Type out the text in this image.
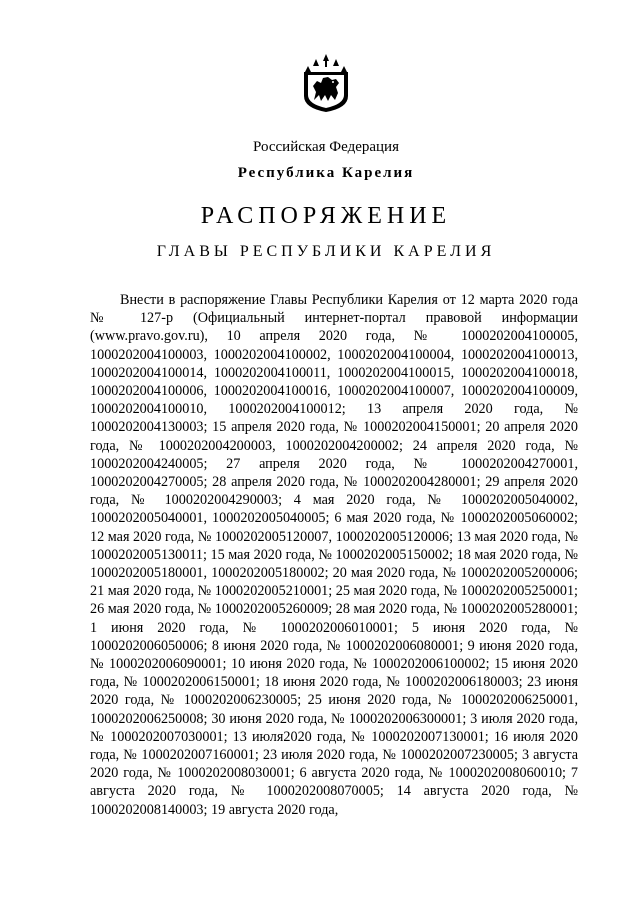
Российская Федерация
Республика Карелия
РАСПОРЯЖЕНИЕ
ГЛАВЫ РЕСПУБЛИКИ КАРЕЛИЯ

Внести в распоряжение Главы Республики Карелия от 12 марта 2020 года № 127-р (Официальный интернет-портал правовой информации (www.pravo.gov.ru), 10 апреля 2020 года, № 1000202004100005, 1000202004100003, 1000202004100002, 1000202004100004, 1000202004100013, 1000202004100014, 1000202004100011, 1000202004100015, 1000202004100018, 1000202004100006, 1000202004100016, 1000202004100007, 1000202004100009, 1000202004100010, 1000202004100012; 13 апреля 2020 года, № 1000202004130003; 15 апреля 2020 года, № 1000202004150001; 20 апреля 2020 года, № 1000202004200003, 1000202004200002; 24 апреля 2020 года, № 1000202004240005; 27 апреля 2020 года, № 1000202004270001, 1000202004270005; 28 апреля 2020 года, № 1000202004280001; 29 апреля 2020 года, № 1000202004290003; 4 мая 2020 года, № 1000202005040002, 1000202005040001, 1000202005040005; 6 мая 2020 года, № 1000202005060002; 12 мая 2020 года, № 1000202005120007, 1000202005120006; 13 мая 2020 года, № 1000202005130011; 15 мая 2020 года, № 1000202005150002; 18 мая 2020 года, № 1000202005180001, 1000202005180002; 20 мая 2020 года, № 1000202005200006; 21 мая 2020 года, № 1000202005210001; 25 мая 2020 года, № 1000202005250001; 26 мая 2020 года, № 1000202005260009; 28 мая 2020 года, № 1000202005280001; 1 июня 2020 года, № 1000202006010001; 5 июня 2020 года, № 1000202006050006; 8 июня 2020 года, № 1000202006080001; 9 июня 2020 года, № 1000202006090001; 10 июня 2020 года, № 1000202006100002; 15 июня 2020 года, № 1000202006150001; 18 июня 2020 года, № 1000202006180003; 23 июня 2020 года, № 1000202006230005; 25 июня 2020 года, № 1000202006250001, 1000202006250008; 30 июня 2020 года, № 1000202006300001; 3 июля 2020 года, № 1000202007030001; 13 июля2020 года, № 1000202007130001; 16 июля 2020 года, № 1000202007160001; 23 июля 2020 года, № 1000202007230005; 3 августа 2020 года, № 1000202008030001; 6 августа 2020 года, № 1000202008060010; 7 августа 2020 года, № 1000202008070005; 14 августа 2020 года, № 1000202008140003; 19 августа 2020 года,
